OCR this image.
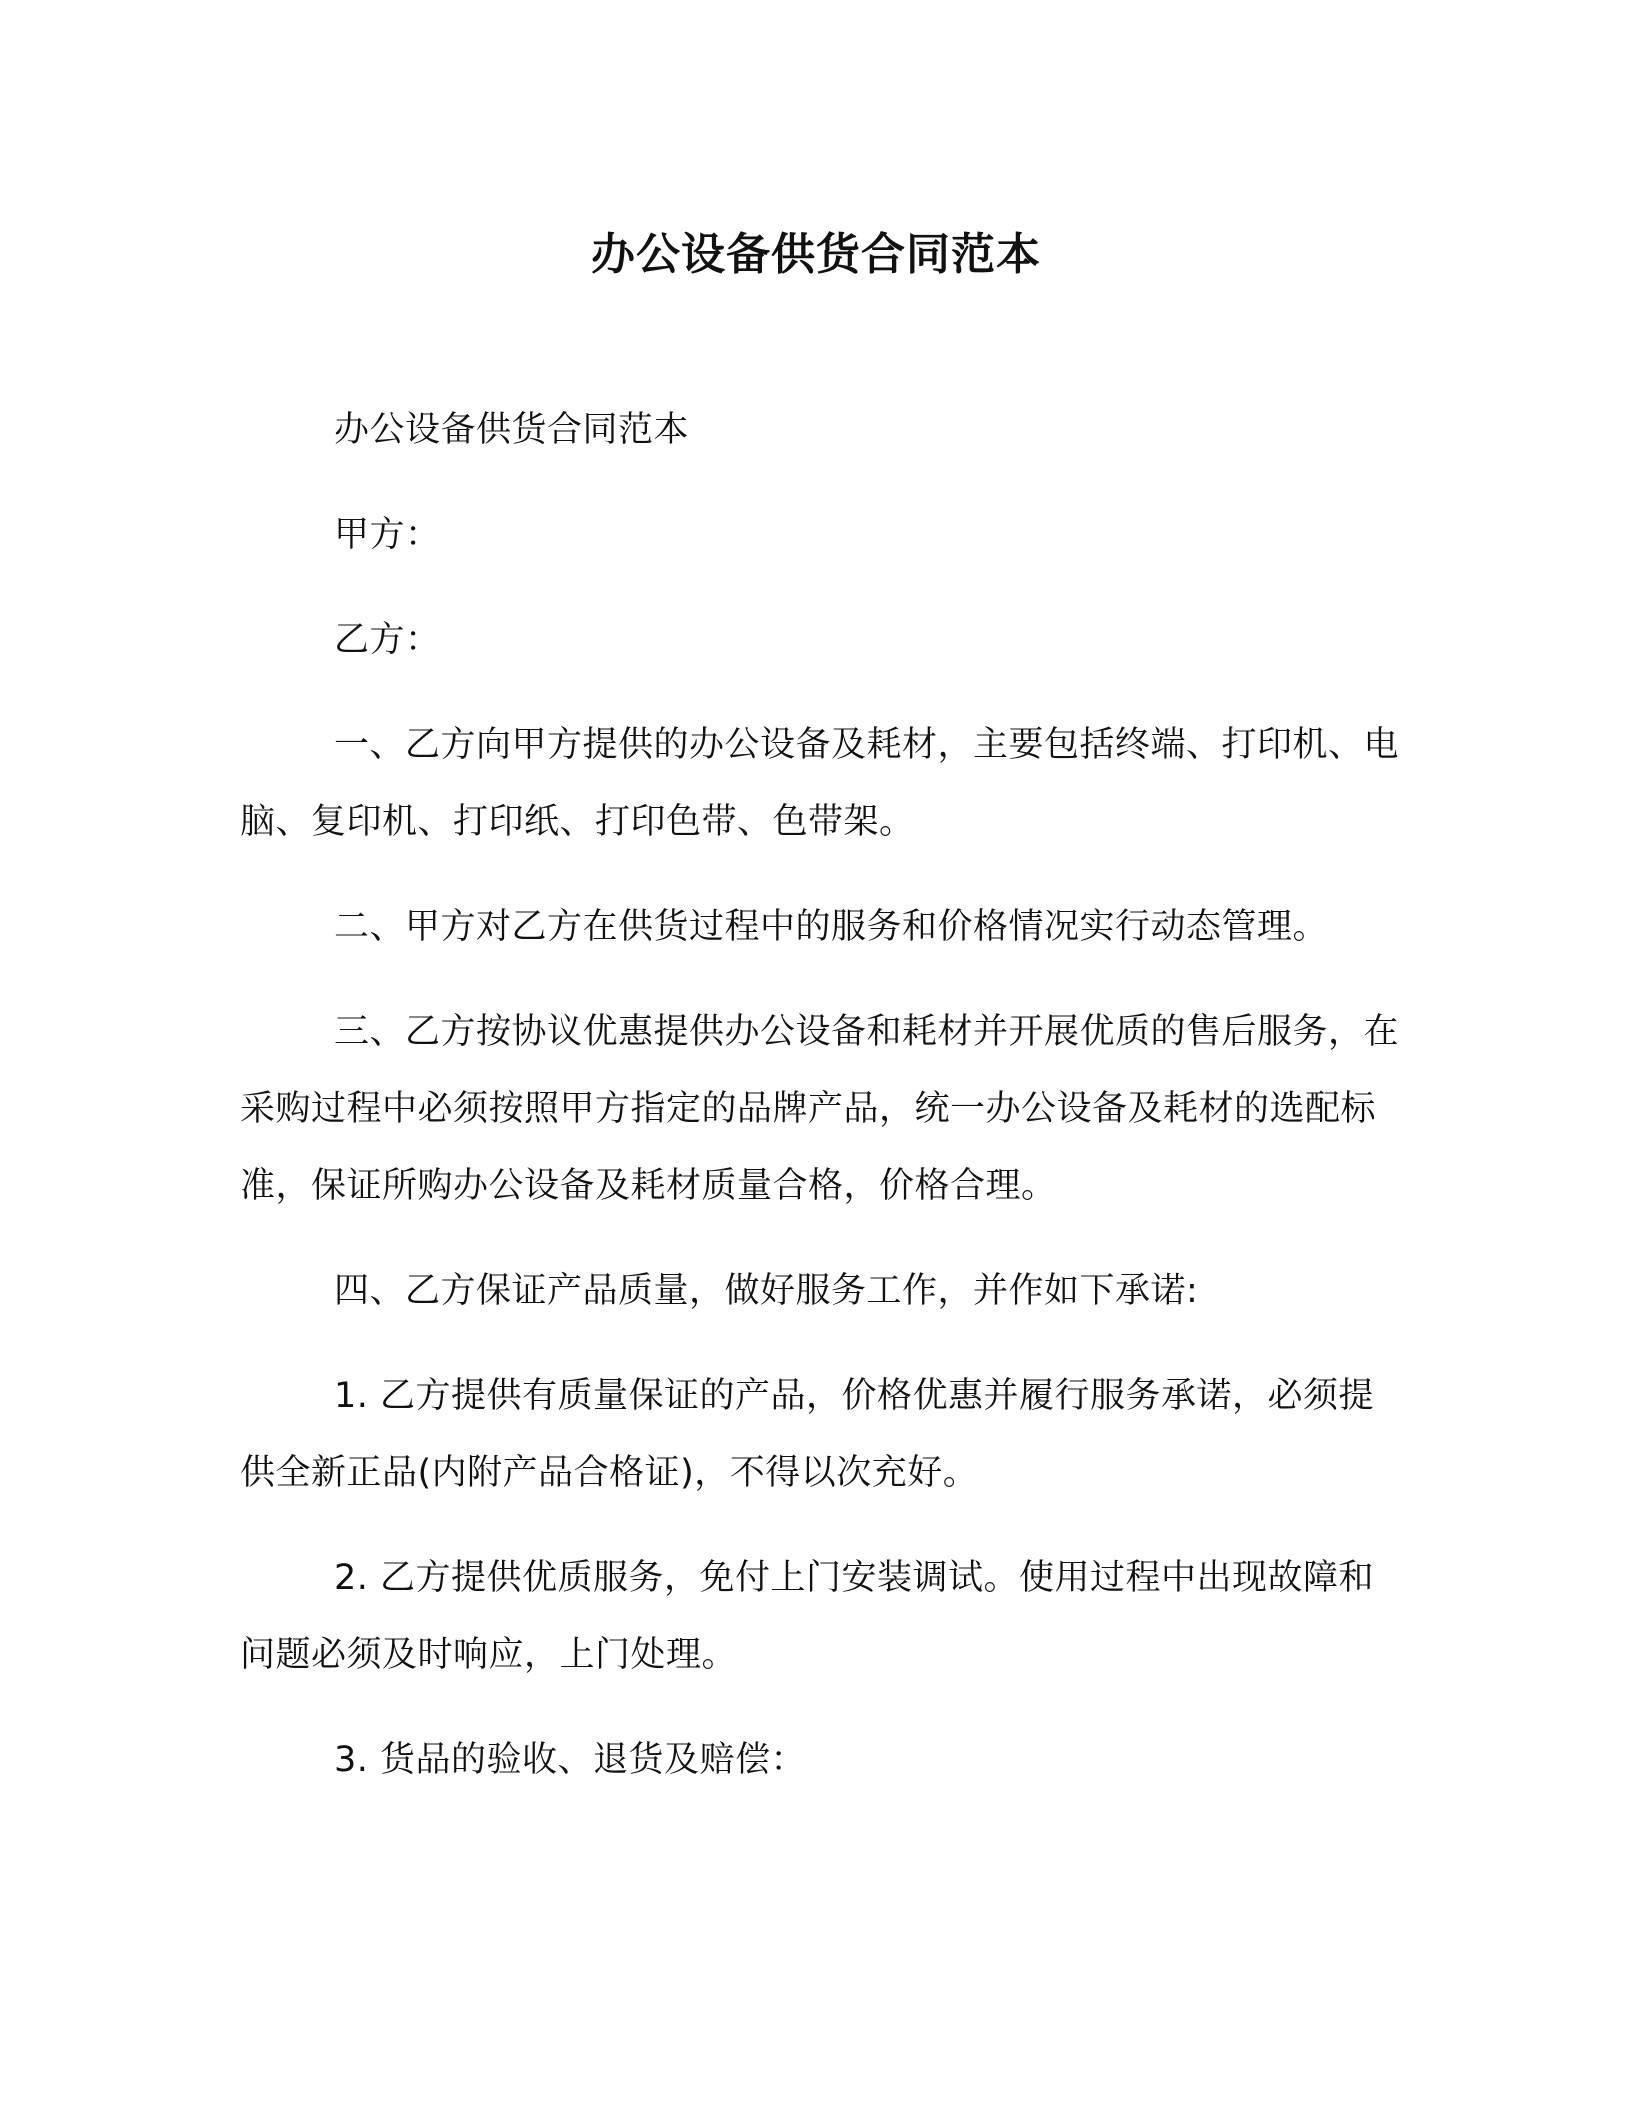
办公设备供货合同范本

办公设备供货合同范本

甲方：

乙方：

一、乙方向甲方提供的办公设备及耗材，主要包括终端、打印机、电脑、复印机、打印纸、打印色带、色带架。

二、甲方对乙方在供货过程中的服务和价格情况实行动态管理。

三、乙方按协议优惠提供办公设备和耗材并开展优质的售后服务，在采购过程中必须按照甲方指定的品牌产品，统一办公设备及耗材的选配标准，保证所购办公设备及耗材质量合格，价格合理。

四、乙方保证产品质量，做好服务工作，并作如下承诺:

1. 乙方提供有质量保证的产品，价格优惠并履行服务承诺，必须提供全新正品(内附产品合格证)，不得以次充好。

2. 乙方提供优质服务，免付上门安装调试。使用过程中出现故障和问题必须及时响应，上门处理。

3. 货品的验收、退货及赔偿：
